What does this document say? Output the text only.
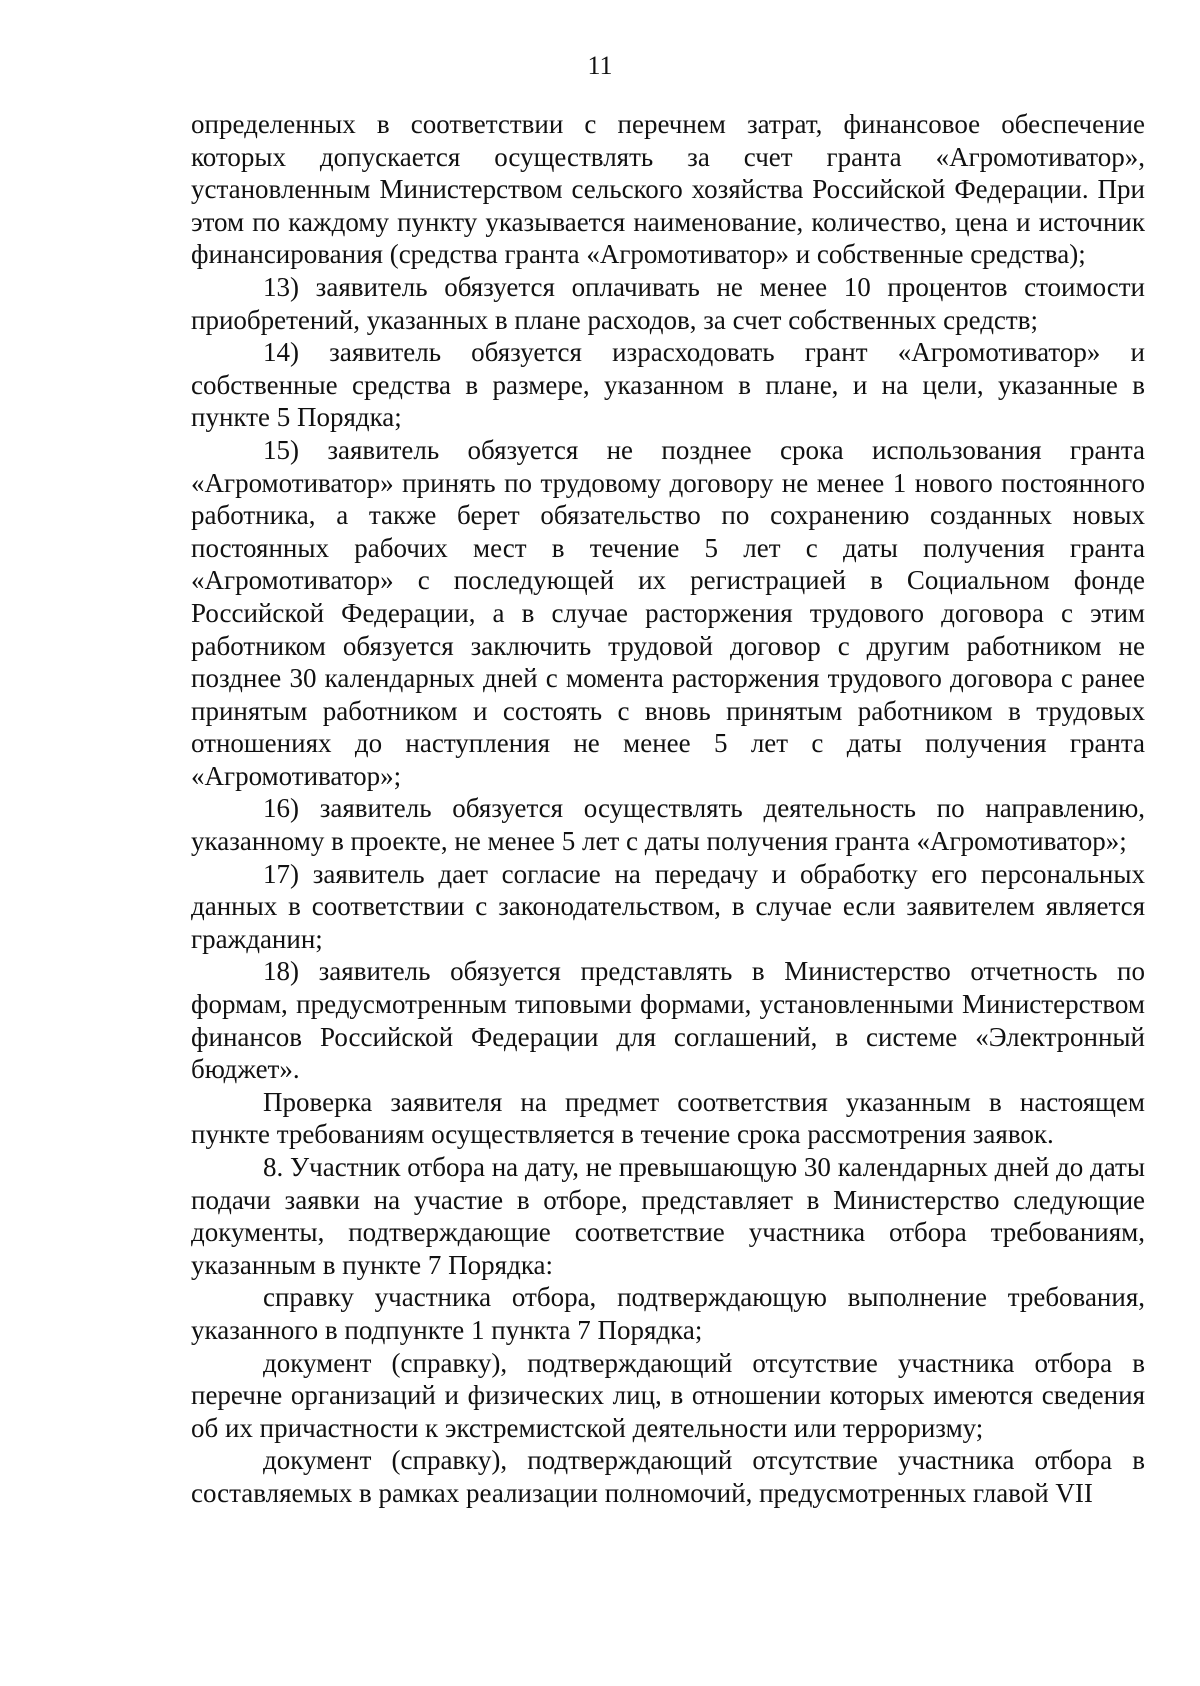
11

определенных в соответствии с перечнем затрат, финансовое обеспечение которых допускается осуществлять за счет гранта «Агромотиватор», установленным Министерством сельского хозяйства Российской Федерации. При этом по каждому пункту указывается наименование, количество, цена и источник финансирования (средства гранта «Агромотиватор» и собственные средства);

13) заявитель обязуется оплачивать не менее 10 процентов стоимости приобретений, указанных в плане расходов, за счет собственных средств;

14) заявитель обязуется израсходовать грант «Агромотиватор» и собственные средства в размере, указанном в плане, и на цели, указанные в пункте 5 Порядка;

15) заявитель обязуется не позднее срока использования гранта «Агромотиватор» принять по трудовому договору не менее 1 нового постоянного работника, а также берет обязательство по сохранению созданных новых постоянных рабочих мест в течение 5 лет с даты получения гранта «Агромотиватор» с последующей их регистрацией в Социальном фонде Российской Федерации, а в случае расторжения трудового договора с этим работником обязуется заключить трудовой договор с другим работником не позднее 30 календарных дней с момента расторжения трудового договора с ранее принятым работником и состоять с вновь принятым работником в трудовых отношениях до наступления не менее 5 лет с даты получения гранта «Агромотиватор»;

16) заявитель обязуется осуществлять деятельность по направлению, указанному в проекте, не менее 5 лет с даты получения гранта «Агромотиватор»;

17) заявитель дает согласие на передачу и обработку его персональных данных в соответствии с законодательством, в случае если заявителем является гражданин;

18) заявитель обязуется представлять в Министерство отчетность по формам, предусмотренным типовыми формами, установленными Министерством финансов Российской Федерации для соглашений, в системе «Электронный бюджет».

Проверка заявителя на предмет соответствия указанным в настоящем пункте требованиям осуществляется в течение срока рассмотрения заявок.

8. Участник отбора на дату, не превышающую 30 календарных дней до даты подачи заявки на участие в отборе, представляет в Министерство следующие документы, подтверждающие соответствие участника отбора требованиям, указанным в пункте 7 Порядка:

справку участника отбора, подтверждающую выполнение требования, указанного в подпункте 1 пункта 7 Порядка;

документ (справку), подтверждающий отсутствие участника отбора в перечне организаций и физических лиц, в отношении которых имеются сведения об их причастности к экстремистской деятельности или терроризму;

документ (справку), подтверждающий отсутствие участника отбора в составляемых в рамках реализации полномочий, предусмотренных главой VII
